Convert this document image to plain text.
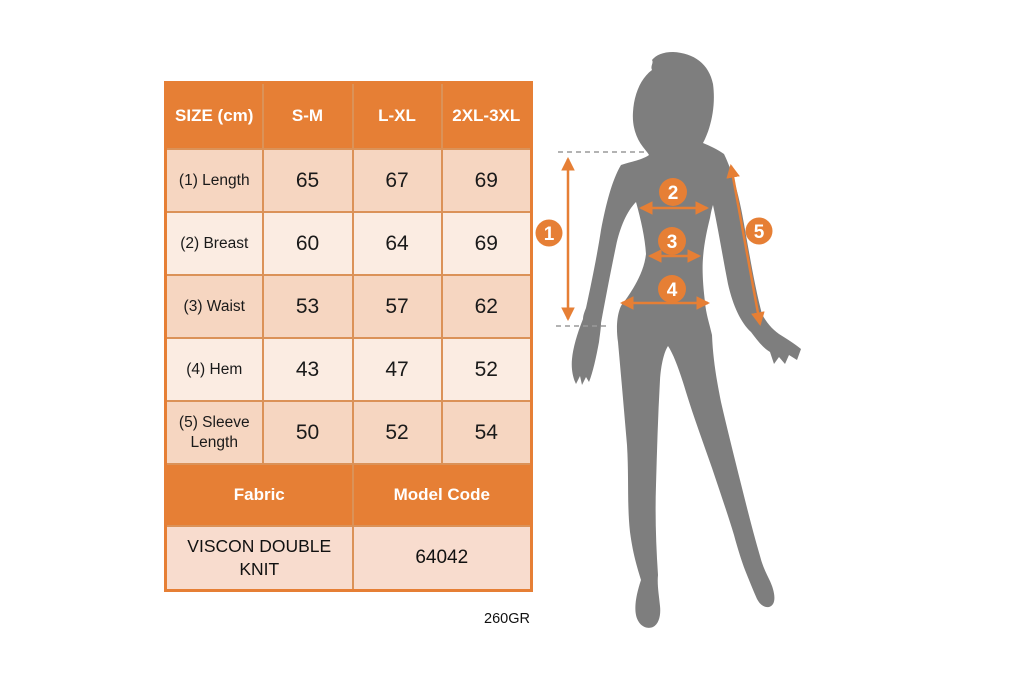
SIZE (cm)	S-M	L-XL	2XL-3XL
(1) Length	65	67	69
(2) Breast	60	64	69
(3) Waist	53	57	62
(4) Hem	43	47	52
(5) Sleeve Length	50	52	54
Fabric		Model Code	
VISCON DOUBLE KNIT		64042	
260GR
1
2
3
4
5
